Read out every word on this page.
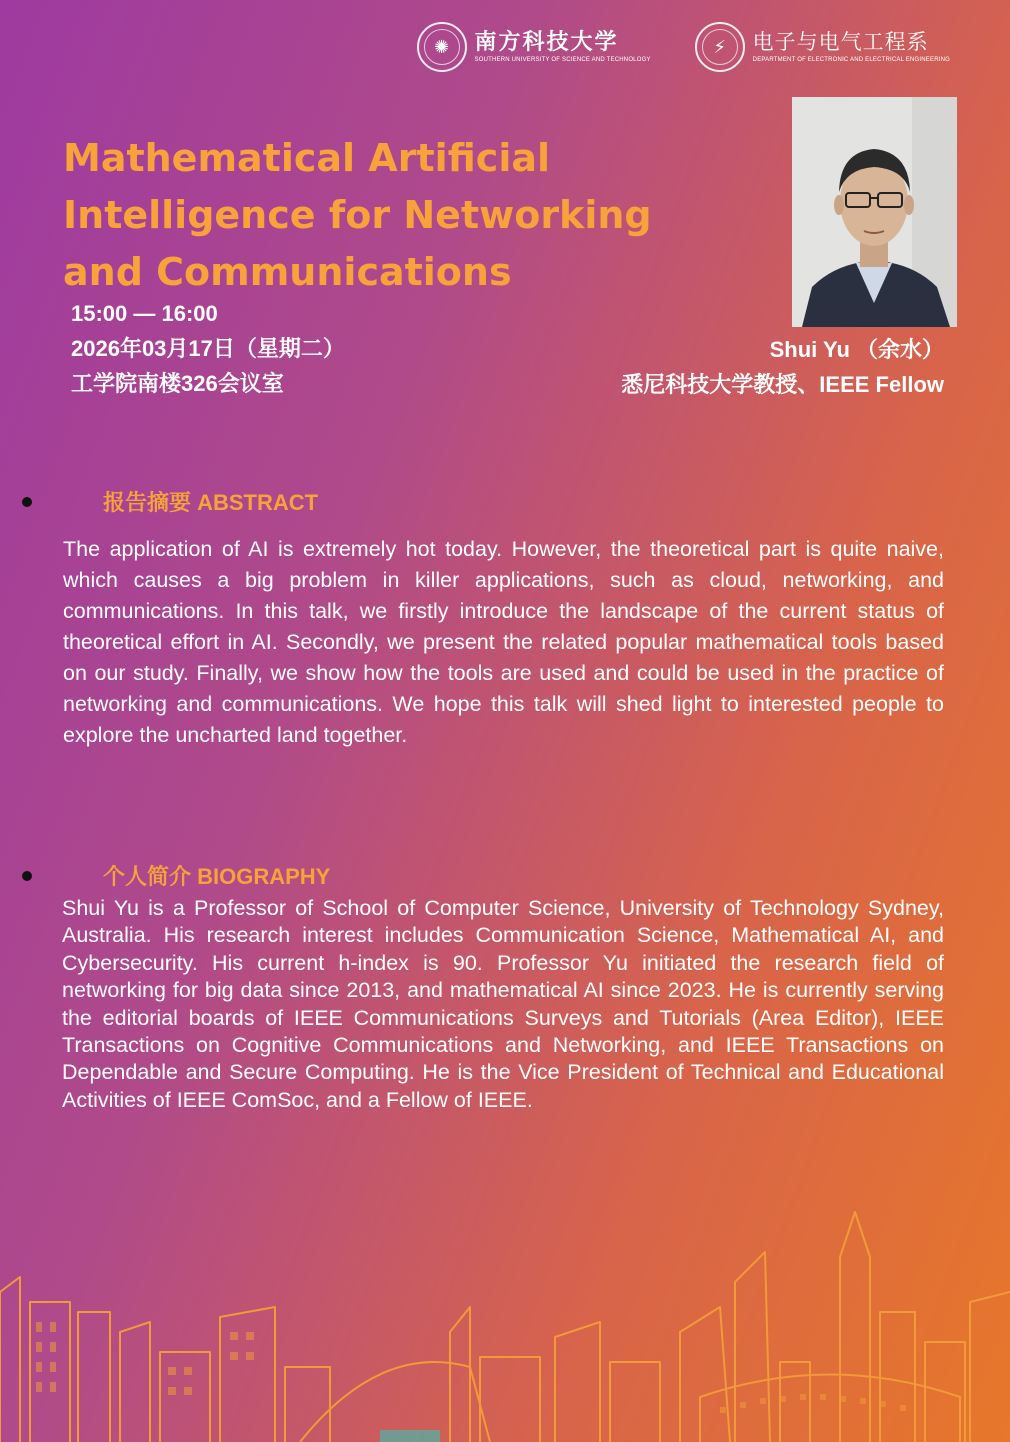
✺ 南方科技大学
SOUTHERN UNIVERSITY OF SCIENCE AND TECHNOLOGY
⚡ 电子与电气工程系
DEPARTMENT OF ELECTRONIC AND ELECTRICAL ENGINEERING
Mathematical Artificial Intelligence for Networking and Communications
15:00 — 16:00
2026年03月17日（星期二）
工学院南楼326会议室
Shui Yu （余水）
悉尼科技大学教授、IEEE Fellow
报告摘要 ABSTRACT

The application of AI is extremely hot today. However, the theoretical part is quite naive, which causes a big problem in killer applications, such as cloud, networking, and communications. In this talk, we firstly introduce the landscape of the current status of theoretical effort in AI. Secondly, we present the related popular mathematical tools based on our study. Finally, we show how the tools are used and could be used in the practice of networking and communications. We hope this talk will shed light to interested people to explore the uncharted land together.

个人简介 BIOGRAPHY

Shui Yu is a Professor of School of Computer Science, University of Technology Sydney, Australia. His research interest includes Communication Science, Mathematical AI, and Cybersecurity. His current h-index is 90. Professor Yu initiated the research field of networking for big data since 2013, and mathematical AI since 2023. He is currently serving the editorial boards of IEEE Communications Surveys and Tutorials (Area Editor), IEEE Transactions on Cognitive Communications and Networking, and IEEE Transactions on Dependable and Secure Computing. He is the Vice President of Technical and Educational Activities of IEEE ComSoc, and a Fellow of IEEE.
